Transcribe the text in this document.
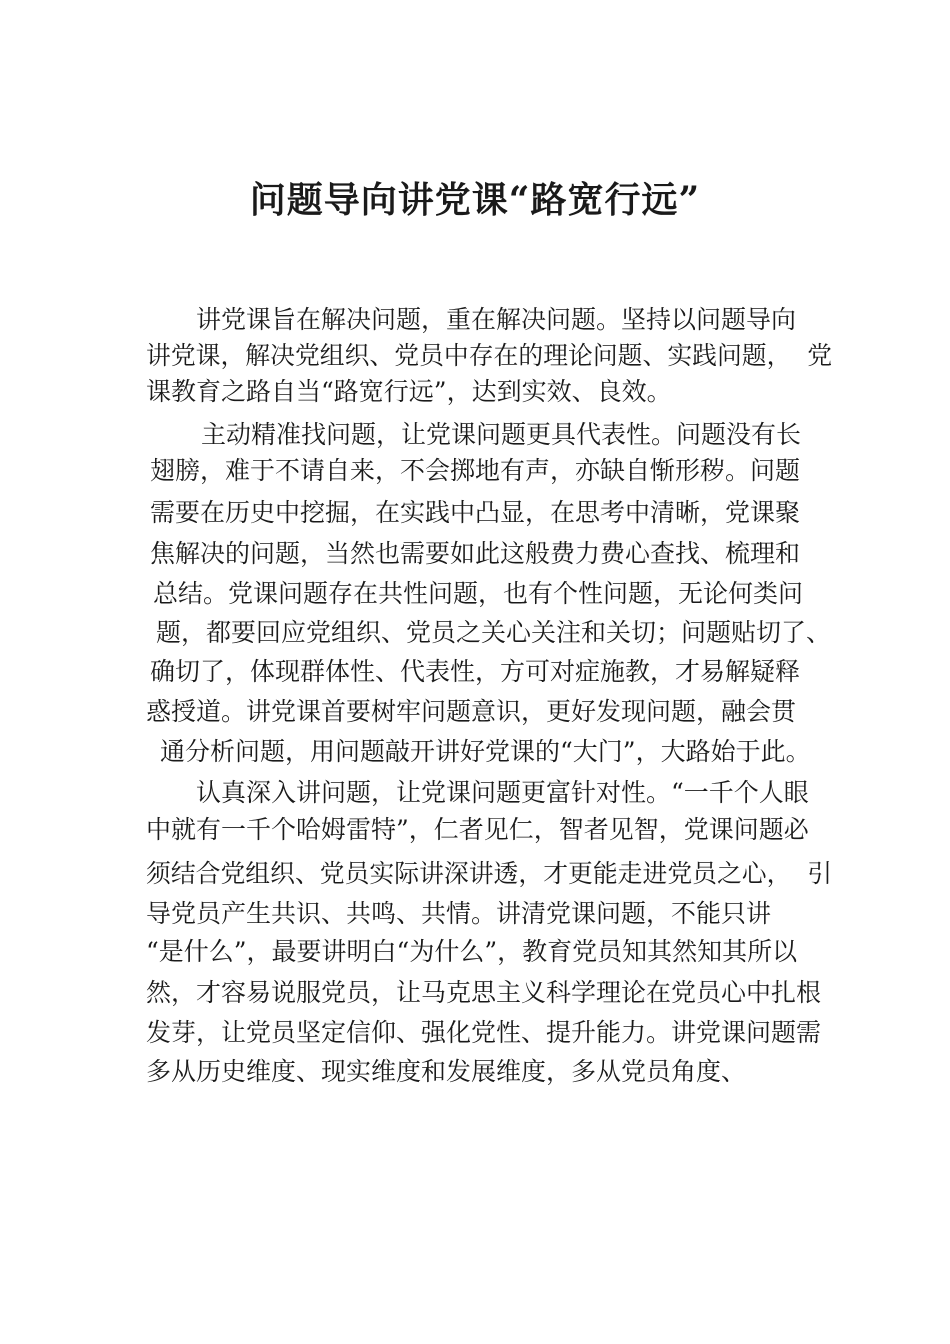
问题导向讲党课“路宽行远”

讲党课旨在解决问题，重在解决问题。坚持以问题导向

讲党课，解决党组织、党员中存在的理论问题、实践问题，  党

课教育之路自当“路宽行远”，达到实效、良效。

主动精准找问题，让党课问题更具代表性。问题没有长

翅膀，难于不请自来，不会掷地有声，亦缺自惭形秽。问题

需要在历史中挖掘，在实践中凸显，在思考中清晰，党课聚

焦解决的问题，当然也需要如此这般费力费心查找、梳理和

总结。党课问题存在共性问题，也有个性问题，无论何类问

题，都要回应党组织、党员之关心关注和关切；问题贴切了、

确切了，体现群体性、代表性，方可对症施教，才易解疑释

惑授道。讲党课首要树牢问题意识，更好发现问题，融会贯

通分析问题，用问题敲开讲好党课的“大门”，大路始于此。

认真深入讲问题，让党课问题更富针对性。“一千个人眼

中就有一千个哈姆雷特”，仁者见仁，智者见智，党课问题必

须结合党组织、党员实际讲深讲透，才更能走进党员之心，  引

导党员产生共识、共鸣、共情。讲清党课问题，不能只讲

“是什么”，最要讲明白“为什么”，教育党员知其然知其所以

然，才容易说服党员，让马克思主义科学理论在党员心中扎根

发芽，让党员坚定信仰、强化党性、提升能力。讲党课问题需

多从历史维度、现实维度和发展维度，多从党员角度、
